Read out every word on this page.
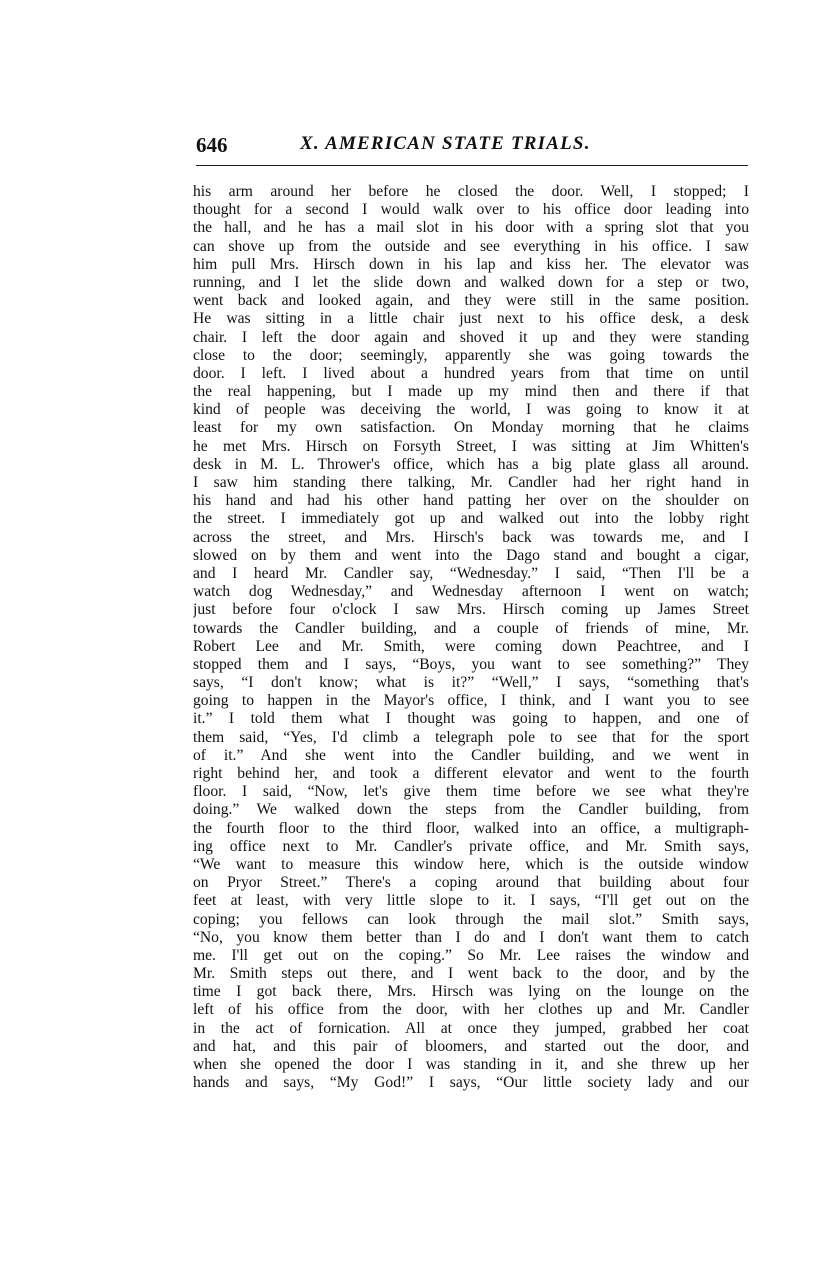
646	X. AMERICAN STATE TRIALS.
his arm around her before he closed the door. Well, I stopped; I
thought for a second I would walk over to his office door leading into
the hall, and he has a mail slot in his door with a spring slot that you
can shove up from the outside and see everything in his office. I saw
him pull Mrs. Hirsch down in his lap and kiss her. The elevator was
running, and I let the slide down and walked down for a step or two,
went back and looked again, and they were still in the same position.
He was sitting in a little chair just next to his office desk, a desk
chair. I left the door again and shoved it up and they were standing
close to the door; seemingly, apparently she was going towards the
door. I left. I lived about a hundred years from that time on until
the real happening, but I made up my mind then and there if that
kind of people was deceiving the world, I was going to know it at
least for my own satisfaction. On Monday morning that he claims
he met Mrs. Hirsch on Forsyth Street, I was sitting at Jim Whitten's
desk in M. L. Thrower's office, which has a big plate glass all around.
I saw him standing there talking, Mr. Candler had her right hand in
his hand and had his other hand patting her over on the shoulder on
the street. I immediately got up and walked out into the lobby right
across the street, and Mrs. Hirsch's back was towards me, and I
slowed on by them and went into the Dago stand and bought a cigar,
and I heard Mr. Candler say, “Wednesday.” I said, “Then I'll be a
watch dog Wednesday,” and Wednesday afternoon I went on watch;
just before four o'clock I saw Mrs. Hirsch coming up James Street
towards the Candler building, and a couple of friends of mine, Mr.
Robert Lee and Mr. Smith, were coming down Peachtree, and I
stopped them and I says, “Boys, you want to see something?” They
says, “I don't know; what is it?” “Well,” I says, “something that's
going to happen in the Mayor's office, I think, and I want you to see
it.” I told them what I thought was going to happen, and one of
them said, “Yes, I'd climb a telegraph pole to see that for the sport
of it.” And she went into the Candler building, and we went in
right behind her, and took a different elevator and went to the fourth
floor. I said, “Now, let's give them time before we see what they're
doing.” We walked down the steps from the Candler building, from
the fourth floor to the third floor, walked into an office, a multigraph-
ing office next to Mr. Candler's private office, and Mr. Smith says,
“We want to measure this window here, which is the outside window
on Pryor Street.” There's a coping around that building about four
feet at least, with very little slope to it. I says, “I'll get out on the
coping; you fellows can look through the mail slot.” Smith says,
“No, you know them better than I do and I don't want them to catch
me. I'll get out on the coping.” So Mr. Lee raises the window and
Mr. Smith steps out there, and I went back to the door, and by the
time I got back there, Mrs. Hirsch was lying on the lounge on the
left of his office from the door, with her clothes up and Mr. Candler
in the act of fornication. All at once they jumped, grabbed her coat
and hat, and this pair of bloomers, and started out the door, and
when she opened the door I was standing in it, and she threw up her
hands and says, “My God!” I says, “Our little society lady and our
